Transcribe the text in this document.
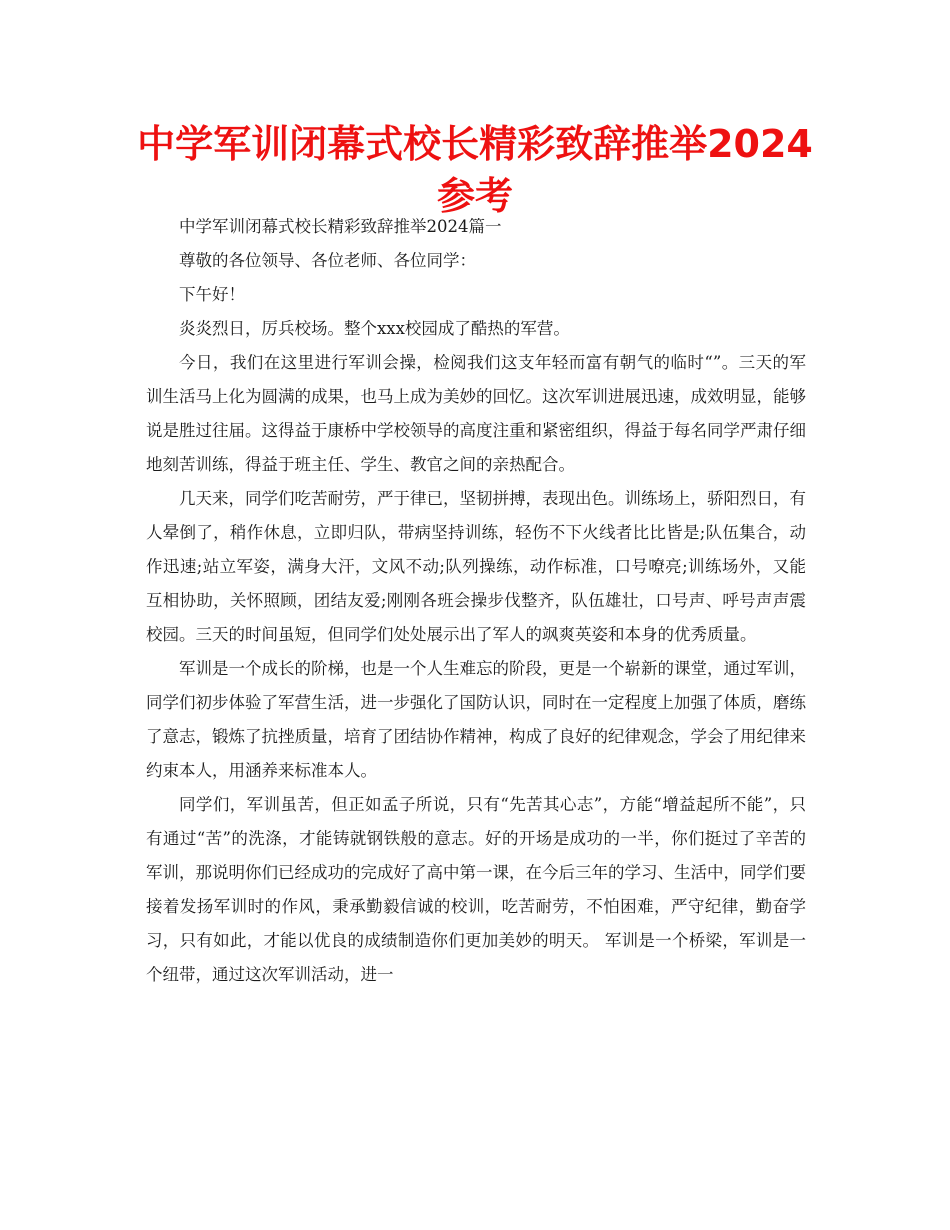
中学军训闭幕式校长精彩致辞推举2024参考

中学军训闭幕式校长精彩致辞推举2024篇一

尊敬的各位领导、各位老师、各位同学：

下午好！

炎炎烈日，厉兵校场。整个xxx校园成了酷热的军营。

今日，我们在这里进行军训会操，检阅我们这支年轻而富有朝气的临时“”。三天的军训生活马上化为圆满的成果，也马上成为美妙的回忆。这次军训进展迅速，成效明显，能够说是胜过往届。这得益于康桥中学校领导的高度注重和紧密组织，得益于每名同学严肃仔细地刻苦训练，得益于班主任、学生、教官之间的亲热配合。

几天来，同学们吃苦耐劳，严于律已，坚韧拼搏，表现出色。训练场上，骄阳烈日，有人晕倒了，稍作休息，立即归队，带病坚持训练，轻伤不下火线者比比皆是;队伍集合，动作迅速;站立军姿，满身大汗，文风不动;队列操练，动作标准，口号嘹亮;训练场外，又能互相协助，关怀照顾，团结友爱;刚刚各班会操步伐整齐，队伍雄壮，口号声、呼号声声震校园。三天的时间虽短，但同学们处处展示出了军人的飒爽英姿和本身的优秀质量。

军训是一个成长的阶梯，也是一个人生难忘的阶段，更是一个崭新的课堂，通过军训，同学们初步体验了军营生活，进一步强化了国防认识，同时在一定程度上加强了体质，磨练了意志，锻炼了抗挫质量，培育了团结协作精神，构成了良好的纪律观念，学会了用纪律来约束本人，用涵养来标准本人。

同学们，军训虽苦，但正如孟子所说，只有“先苦其心志”，方能“增益起所不能”，只有通过“苦”的洗涤，才能铸就钢铁般的意志。好的开场是成功的一半，你们挺过了辛苦的军训，那说明你们已经成功的完成好了高中第一课，在今后三年的学习、生活中，同学们要接着发扬军训时的作风，秉承勤毅信诚的校训，吃苦耐劳，不怕困难，严守纪律，勤奋学习，只有如此，才能以优良的成绩制造你们更加美妙的明天。 军训是一个桥梁，军训是一个纽带，通过这次军训活动，进一
